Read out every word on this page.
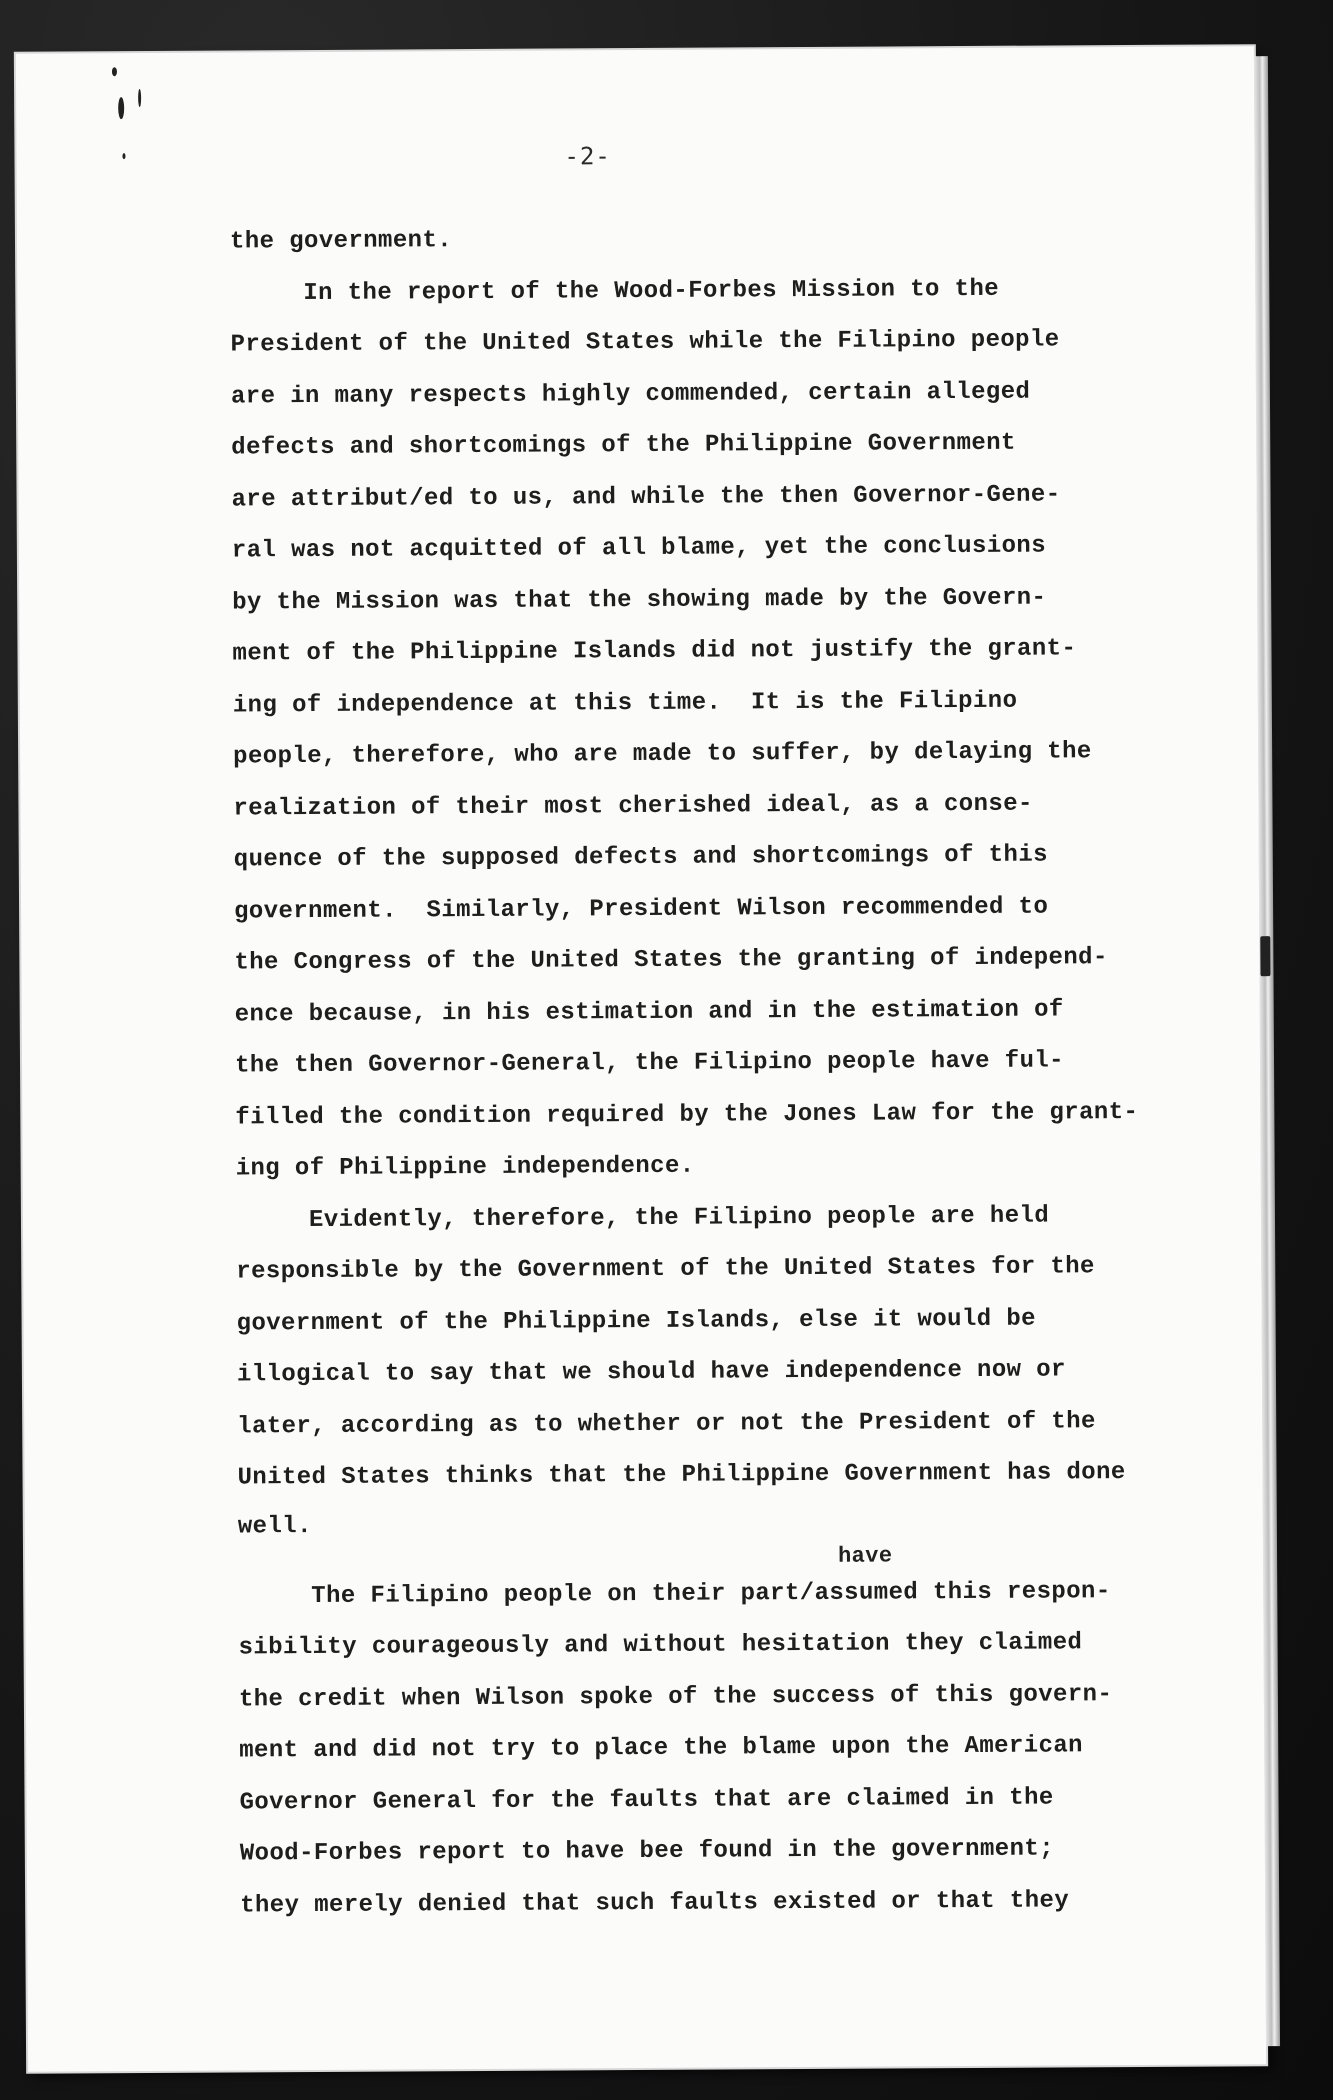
-2-
the government.
In the report of the Wood-Forbes Mission to the
President of the United States while the Filipino people
are in many respects highly commended, certain alleged
defects and shortcomings of the Philippine Government
are attribut/ed to us, and while the then Governor-Gene-
ral was not acquitted of all blame, yet the conclusions
by the Mission was that the showing made by the Govern-
ment of the Philippine Islands did not justify the grant-
ing of independence at this time.  It is the Filipino
people, therefore, who are made to suffer, by delaying the
realization of their most cherished ideal, as a conse-
quence of the supposed defects and shortcomings of this
government.  Similarly, President Wilson recommended to
the Congress of the United States the granting of independ-
ence because, in his estimation and in the estimation of
the then Governor-General, the Filipino people have ful-
filled the condition required by the Jones Law for the grant-
ing of Philippine independence.
Evidently, therefore, the Filipino people are held
responsible by the Government of the United States for the
government of the Philippine Islands, else it would be
illogical to say that we should have independence now or
later, according as to whether or not the President of the
United States thinks that the Philippine Government has done
well.
have
The Filipino people on their part/assumed this respon-
sibility courageously and without hesitation they claimed
the credit when Wilson spoke of the success of this govern-
ment and did not try to place the blame upon the American
Governor General for the faults that are claimed in the
Wood-Forbes report to have bee found in the government;
they merely denied that such faults existed or that they
